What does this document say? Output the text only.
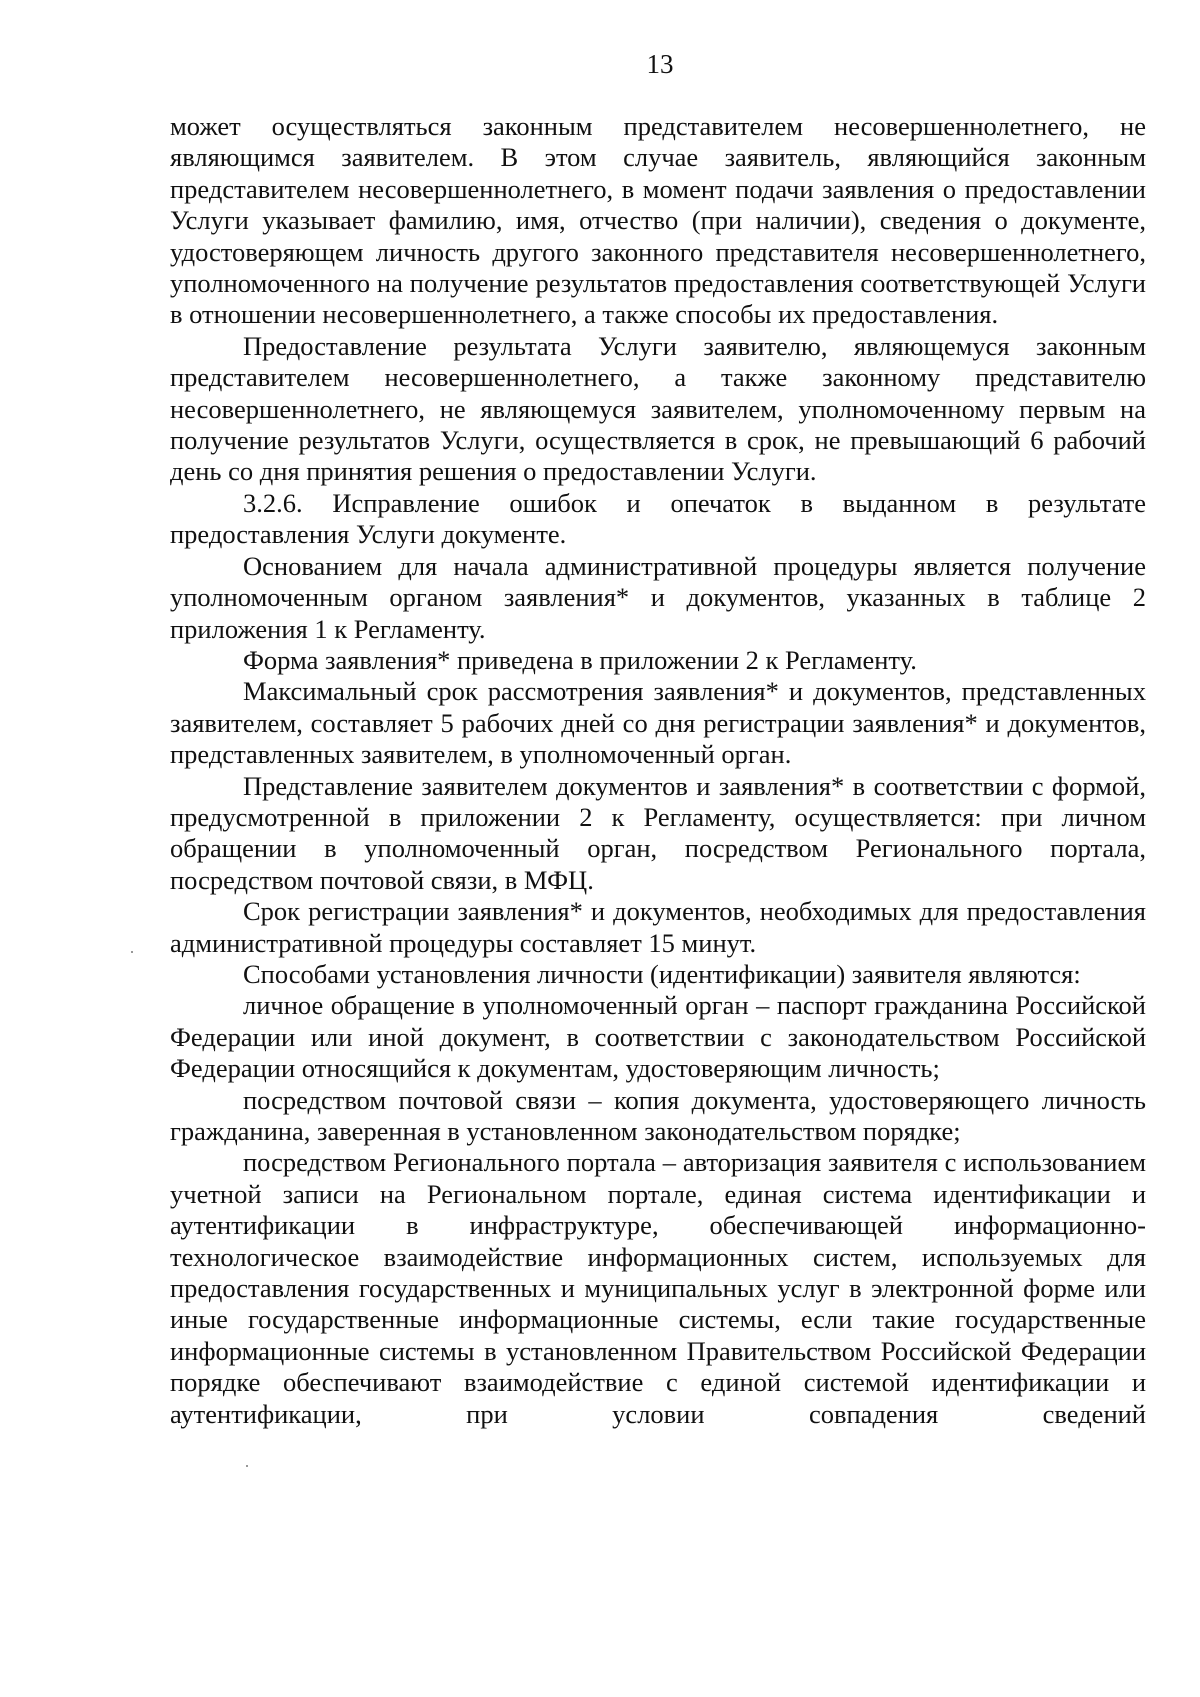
13

может осуществляться законным представителем несовершеннолетнего, не являющимся заявителем. В этом случае заявитель, являющийся законным представителем несовершеннолетнего, в момент подачи заявления о предоставлении Услуги указывает фамилию, имя, отчество (при наличии), сведения о документе, удостоверяющем личность другого законного представителя несовершеннолетнего, уполномоченного на получение результатов предоставления соответствующей Услуги в отношении несовершеннолетнего, а также способы их предоставления.

Предоставление результата Услуги заявителю, являющемуся законным представителем несовершеннолетнего, а также законному представителю несовершеннолетнего, не являющемуся заявителем, уполномоченному первым на получение результатов Услуги, осуществляется в срок, не превышающий 6 рабочий день со дня принятия решения о предоставлении Услуги.

3.2.6. Исправление ошибок и опечаток в выданном в результате предоставления Услуги документе.

Основанием для начала административной процедуры является получение уполномоченным органом заявления* и документов, указанных в таблице 2 приложения 1 к Регламенту.

Форма заявления* приведена в приложении 2 к Регламенту.

Максимальный срок рассмотрения заявления* и документов, представленных заявителем, составляет 5 рабочих дней со дня регистрации заявления* и документов, представленных заявителем, в уполномоченный орган.

Представление заявителем документов и заявления* в соответствии с формой, предусмотренной в приложении 2 к Регламенту, осуществляется: при личном обращении в уполномоченный орган, посредством Регионального портала, посредством почтовой связи, в МФЦ.

Срок регистрации заявления* и документов, необходимых для предоставления административной процедуры составляет 15 минут.

Способами установления личности (идентификации) заявителя являются:

личное обращение в уполномоченный орган – паспорт гражданина Российской Федерации или иной документ, в соответствии с законодательством Российской Федерации относящийся к документам, удостоверяющим личность;

посредством почтовой связи – копия документа, удостоверяющего личность гражданина, заверенная в установленном законодательством порядке;

посредством Регионального портала – авторизация заявителя с использованием учетной записи на Региональном портале, единая система идентификации и аутентификации в инфраструктуре, обеспечивающей информационно-технологическое взаимодействие информационных систем, используемых для предоставления государственных и муниципальных услуг в электронной форме или иные государственные информационные системы, если такие государственные информационные системы в установленном Правительством Российской Федерации порядке обеспечивают взаимодействие с единой системой идентификации и аутентификации, при условии совпадения сведений
